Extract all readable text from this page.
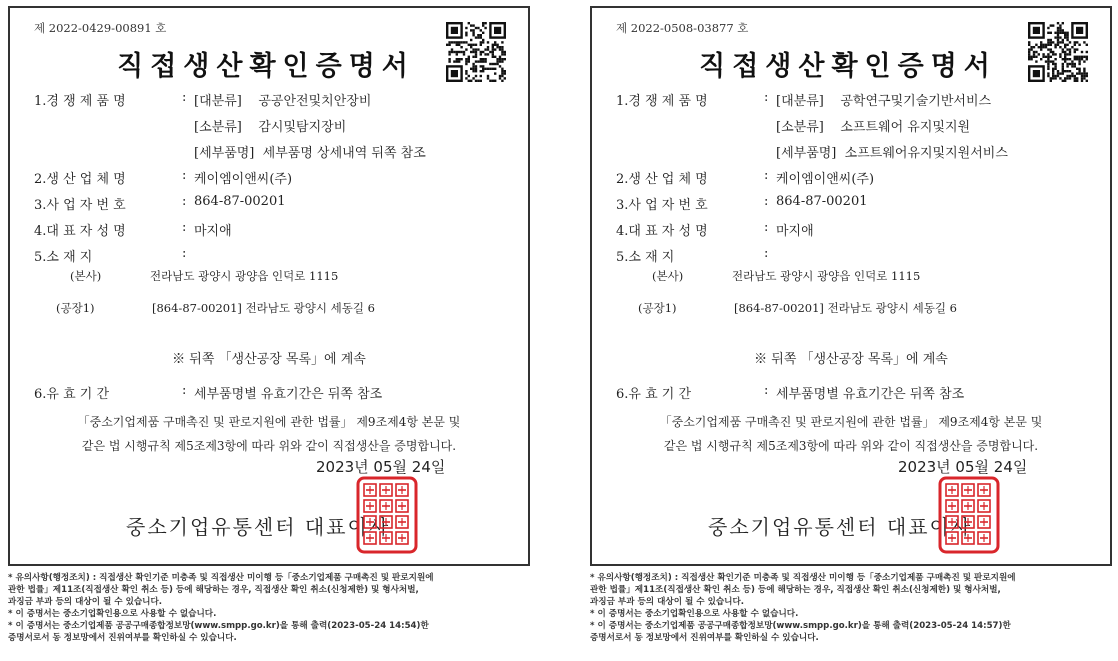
제 2022-0429-00891 호
직접생산확인증명서
1.경 쟁 제 품 명	: [대분류] 공공안전및치안장비
[소분류] 감시및탐지장비
[세부품명] 세부품명 상세내역 뒤쪽 참조
2.생 산 업 체 명	: 케이엠이앤씨(주)
3.사 업 자 번 호	: 864-87-00201
4.대 표 자 성 명	: 마지애
5.소 재 지	:
(본사)	전라남도 광양시 광양읍 인덕로 1115
(공장1)	[864-87-00201] 전라남도 광양시 세동길 6
※ 뒤쪽 「생산공장 목록」에 계속
6.유 효 기 간	: 세부품명별 유효기간은 뒤쪽 참조
「중소기업제품 구매촉진 및 판로지원에 관한 법률」 제9조제4항 본문 및
같은 법 시행규칙 제5조제3항에 따라 위와 같이 직접생산을 증명합니다.
2023년 05월 24일
중소기업유통센터 대표이사
* 유의사항(행정조치) : 직접생산 확인기준 미충족 및 직접생산 미이행 등「중소기업제품 구매촉진 및 판로지원에
관한 법률」제11조(직접생산 확인 취소 등) 등에 해당하는 경우, 직접생산 확인 취소(신청제한) 및 형사처벌,
과징금 부과 등의 대상이 될 수 있습니다.
* 이 증명서는 중소기업확인용으로 사용할 수 없습니다.
* 이 증명서는 중소기업제품 공공구매종합정보망(www.smpp.go.kr)을 통해 출력(2023-05-24 14:54)한
증명서로서 동 정보망에서 진위여부를 확인하실 수 있습니다.
제 2022-0508-03877 호
직접생산확인증명서
1.경 쟁 제 품 명	: [대분류] 공학연구및기술기반서비스
[소분류] 소프트웨어 유지및지원
[세부품명] 소프트웨어유지및지원서비스
2.생 산 업 체 명	: 케이엠이앤씨(주)
3.사 업 자 번 호	: 864-87-00201
4.대 표 자 성 명	: 마지애
5.소 재 지	:
(본사)	전라남도 광양시 광양읍 인덕로 1115
(공장1)	[864-87-00201] 전라남도 광양시 세동길 6
※ 뒤쪽 「생산공장 목록」에 계속
6.유 효 기 간	: 세부품명별 유효기간은 뒤쪽 참조
「중소기업제품 구매촉진 및 판로지원에 관한 법률」 제9조제4항 본문 및
같은 법 시행규칙 제5조제3항에 따라 위와 같이 직접생산을 증명합니다.
2023년 05월 24일
중소기업유통센터 대표이사
* 유의사항(행정조치) : 직접생산 확인기준 미충족 및 직접생산 미이행 등「중소기업제품 구매촉진 및 판로지원에
관한 법률」제11조(직접생산 확인 취소 등) 등에 해당하는 경우, 직접생산 확인 취소(신청제한) 및 형사처벌,
과징금 부과 등의 대상이 될 수 있습니다.
* 이 증명서는 중소기업확인용으로 사용할 수 없습니다.
* 이 증명서는 중소기업제품 공공구매종합정보망(www.smpp.go.kr)을 통해 출력(2023-05-24 14:57)한
증명서로서 동 정보망에서 진위여부를 확인하실 수 있습니다.
